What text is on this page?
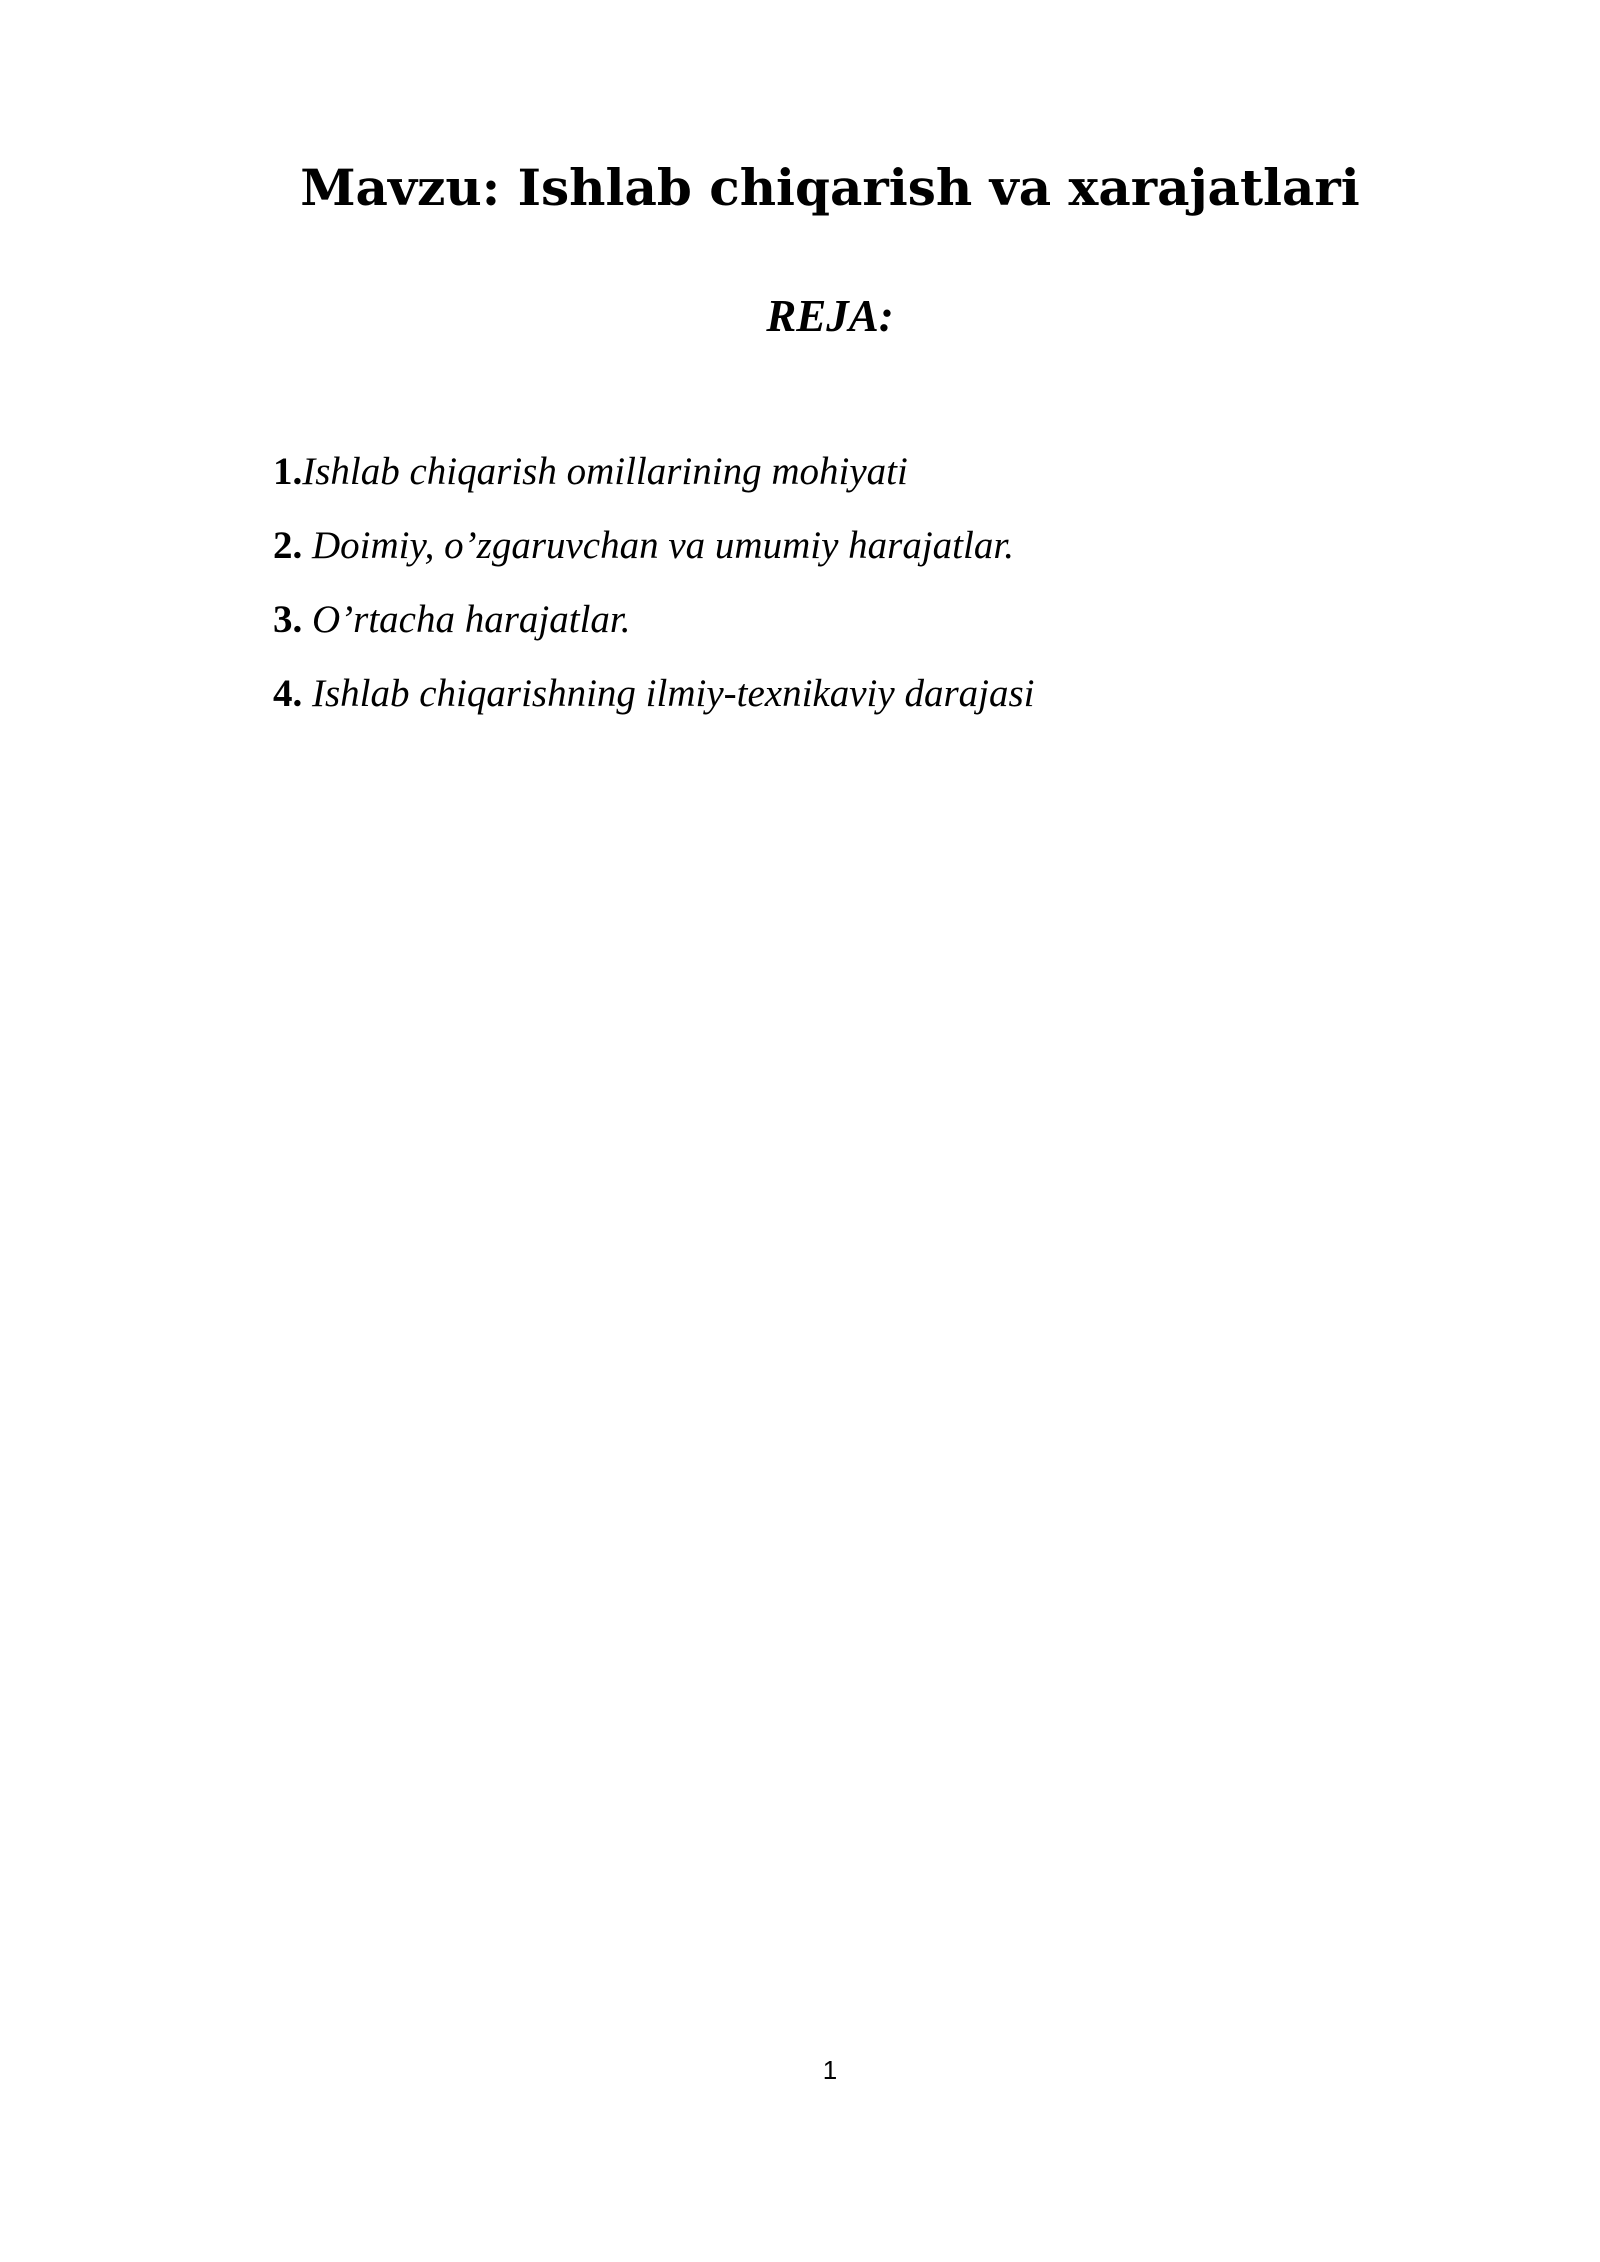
Mavzu: Ishlab chiqarish va xarajatlari
REJA:
1.Ishlab chiqarish omillarining mohiyati
2. Doimiy, o’zgaruvchan va umumiy harajatlar.
3. O’rtacha harajatlar.
4. Ishlab chiqarishning ilmiy-texnikaviy darajasi
1
